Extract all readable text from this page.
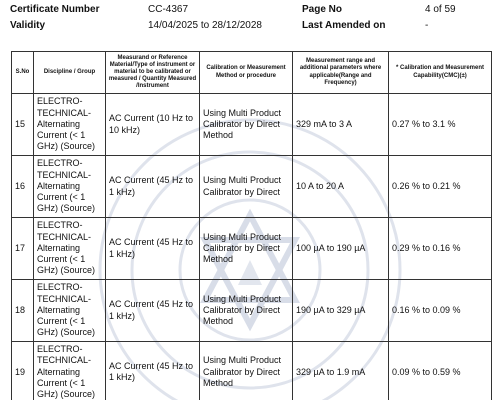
Certificate Number	CC-4367	Page No	4 of 59
Validity	14/04/2025 to 28/12/2028	Last Amended on	-
S.No	Discipline / Group	Measurand or Reference Material/Type of instrument or material to be calibrated or measured / Quantity Measured /Instrument	Calibration or Measurement Method or procedure	Measurement range and additional parameters where applicable(Range and Frequency)	* Calibration and Measurement Capability(CMC)(±)
15	ELECTRO-TECHNICAL-Alternating Current (< 1 GHz) (Source)	AC Current (10 Hz to 10 kHz)	Using Multi Product Calibrator by Direct Method	329 mA to 3 A	0.27 % to 3.1 %
16	ELECTRO-TECHNICAL-Alternating Current (< 1 GHz) (Source)	AC Current (45 Hz to 1 kHz)	Using Multi Product Calibrator by Direct	10 A to 20 A	0.26 % to 0.21 %
17	ELECTRO-TECHNICAL-Alternating Current (< 1 GHz) (Source)	AC Current (45 Hz to 1 kHz)	Using Multi Product Calibrator by Direct Method	100 µA to 190 µA	0.29 % to 0.16 %
18	ELECTRO-TECHNICAL-Alternating Current (< 1 GHz) (Source)	AC Current (45 Hz to 1 kHz)	Using Multi Product Calibrator by Direct Method	190 µA to 329 µA	0.16 % to 0.09 %
19	ELECTRO-TECHNICAL-Alternating Current (< 1 GHz) (Source)	AC Current (45 Hz to 1 kHz)	Using Multi Product Calibrator by Direct Method	329 µA to 1.9 mA	0.09 % to 0.59 %
